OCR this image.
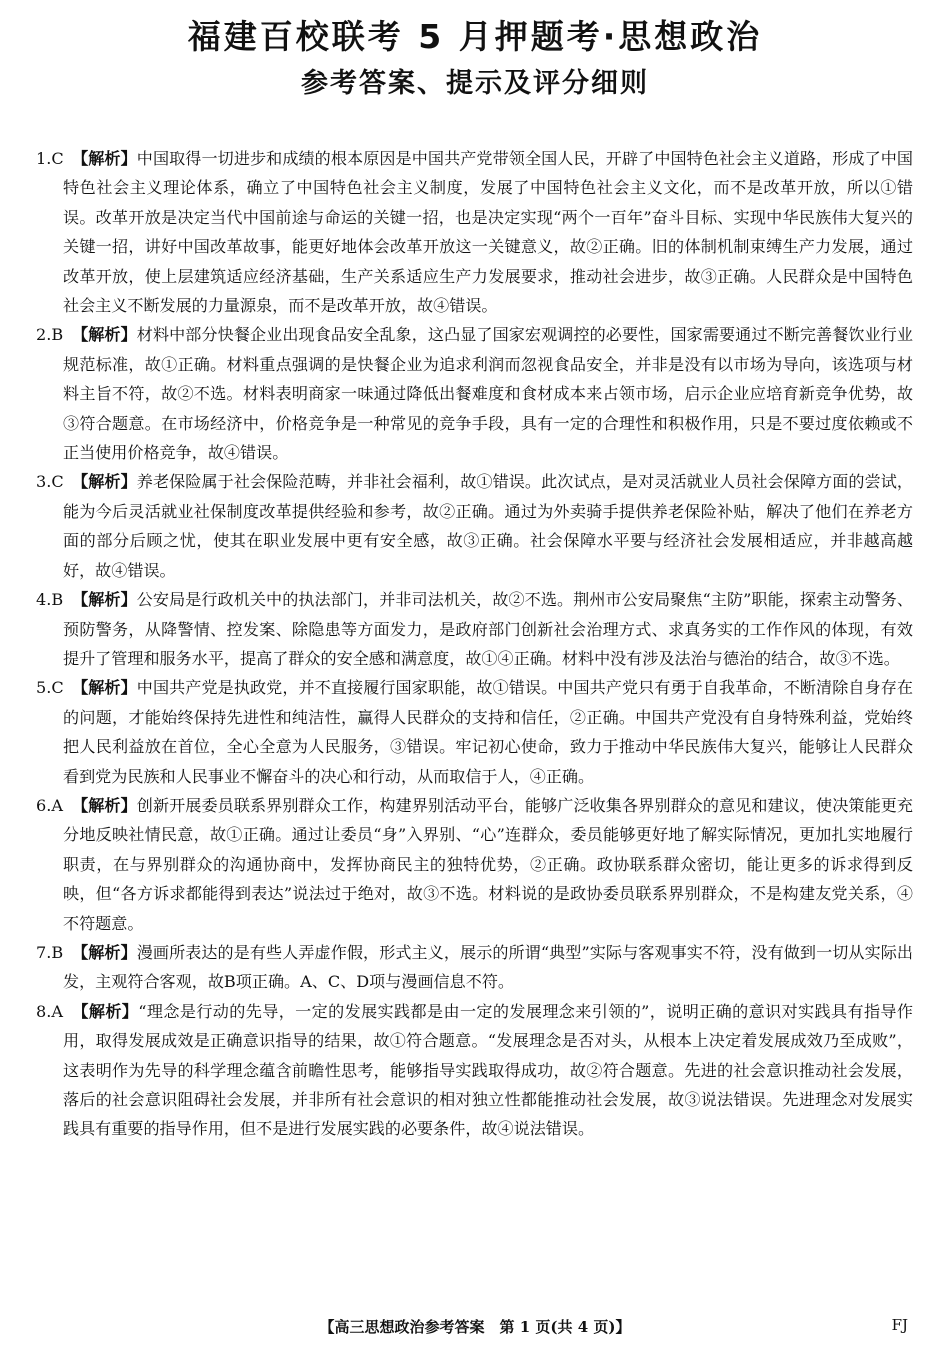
福建百校联考 5 月押题考·思想政治
参考答案、提示及评分细则
1.C 【解析】中国取得一切进步和成绩的根本原因是中国共产党带领全国人民，开辟了中国特色社会主义道路，形成了中国特色社会主义理论体系，确立了中国特色社会主义制度，发展了中国特色社会主义文化，而不是改革开放，所以①错误。改革开放是决定当代中国前途与命运的关键一招，也是决定实现“两个一百年”奋斗目标、实现中华民族伟大复兴的关键一招，讲好中国改革故事，能更好地体会改革开放这一关键意义，故②正确。旧的体制机制束缚生产力发展，通过改革开放，使上层建筑适应经济基础，生产关系适应生产力发展要求，推动社会进步，故③正确。人民群众是中国特色社会主义不断发展的力量源泉，而不是改革开放，故④错误。
2.B 【解析】材料中部分快餐企业出现食品安全乱象，这凸显了国家宏观调控的必要性，国家需要通过不断完善餐饮业行业规范标准，故①正确。材料重点强调的是快餐企业为追求利润而忽视食品安全，并非是没有以市场为导向，该选项与材料主旨不符，故②不选。材料表明商家一味通过降低出餐难度和食材成本来占领市场，启示企业应培育新竞争优势，故③符合题意。在市场经济中，价格竞争是一种常见的竞争手段，具有一定的合理性和积极作用，只是不要过度依赖或不正当使用价格竞争，故④错误。
3.C 【解析】养老保险属于社会保险范畴，并非社会福利，故①错误。此次试点，是对灵活就业人员社会保障方面的尝试，能为今后灵活就业社保制度改革提供经验和参考，故②正确。通过为外卖骑手提供养老保险补贴，解决了他们在养老方面的部分后顾之忧，使其在职业发展中更有安全感，故③正确。社会保障水平要与经济社会发展相适应，并非越高越好，故④错误。
4.B 【解析】公安局是行政机关中的执法部门，并非司法机关，故②不选。荆州市公安局聚焦“主防”职能，探索主动警务、预防警务，从降警情、控发案、除隐患等方面发力，是政府部门创新社会治理方式、求真务实的工作作风的体现，有效提升了管理和服务水平，提高了群众的安全感和满意度，故①④正确。材料中没有涉及法治与德治的结合，故③不选。
5.C 【解析】中国共产党是执政党，并不直接履行国家职能，故①错误。中国共产党只有勇于自我革命，不断清除自身存在的问题，才能始终保持先进性和纯洁性，赢得人民群众的支持和信任，②正确。中国共产党没有自身特殊利益，党始终把人民利益放在首位，全心全意为人民服务，③错误。牢记初心使命，致力于推动中华民族伟大复兴，能够让人民群众看到党为民族和人民事业不懈奋斗的决心和行动，从而取信于人，④正确。
6.A 【解析】创新开展委员联系界别群众工作，构建界别活动平台，能够广泛收集各界别群众的意见和建议，使决策能更充分地反映社情民意，故①正确。通过让委员“身”入界别、“心”连群众，委员能够更好地了解实际情况，更加扎实地履行职责，在与界别群众的沟通协商中，发挥协商民主的独特优势，②正确。政协联系群众密切，能让更多的诉求得到反映，但“各方诉求都能得到表达”说法过于绝对，故③不选。材料说的是政协委员联系界别群众，不是构建友党关系，④不符题意。
7.B 【解析】漫画所表达的是有些人弄虚作假，形式主义，展示的所谓“典型”实际与客观事实不符，没有做到一切从实际出发，主观符合客观，故B项正确。A、C、D项与漫画信息不符。
8.A 【解析】“理念是行动的先导，一定的发展实践都是由一定的发展理念来引领的”，说明正确的意识对实践具有指导作用，取得发展成效是正确意识指导的结果，故①符合题意。“发展理念是否对头，从根本上决定着发展成效乃至成败”，这表明作为先导的科学理念蕴含前瞻性思考，能够指导实践取得成功，故②符合题意。先进的社会意识推动社会发展，落后的社会意识阻碍社会发展，并非所有社会意识的相对独立性都能推动社会发展，故③说法错误。先进理念对发展实践具有重要的指导作用，但不是进行发展实践的必要条件，故④说法错误。

【高三思想政治参考答案　第 1 页(共 4 页)】	FJ
